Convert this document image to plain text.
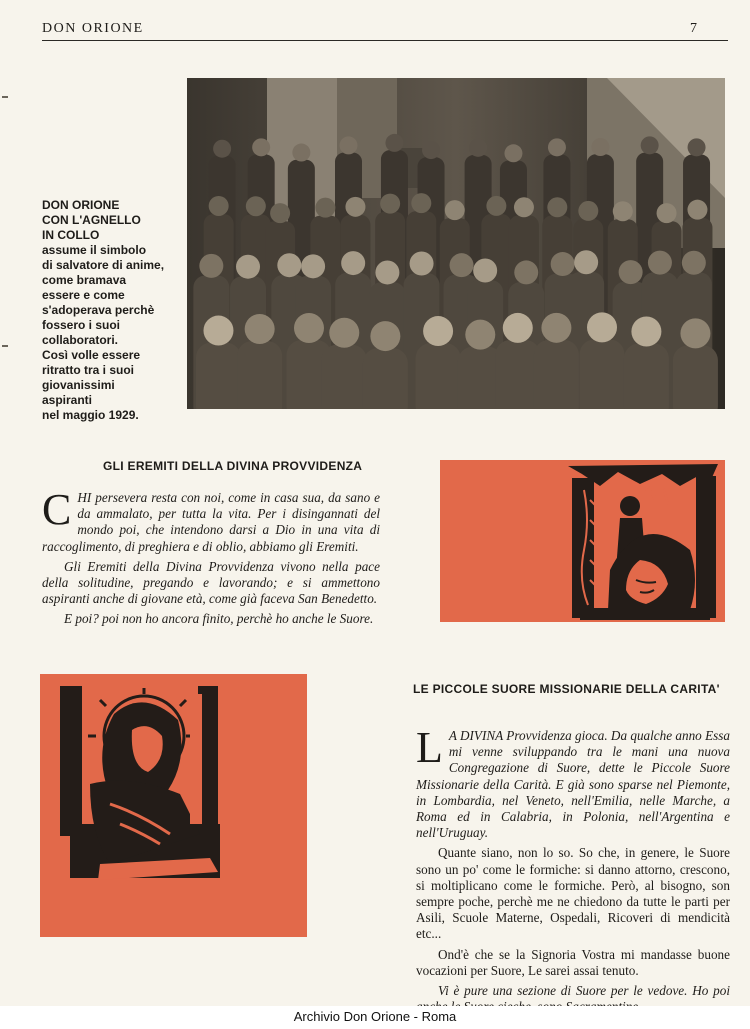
DON ORIONE	7
DON ORIONE
CON L'AGNELLO
IN COLLO
assume il simbolo
di salvatore di anime,
come bramava
essere e come
s'adoperava perchè
fossero i suoi
collaboratori.
Così volle essere
ritratto tra i suoi
giovanissimi
aspiranti
nel maggio 1929.
GLI EREMITI DELLA DIVINA PROVVIDENZA

CHI persevera resta con noi, come in casa sua, da sano e da ammalato, per tutta la vita. Per i disingannati del mondo poi, che intendono darsi a Dio in una vita di raccoglimento, di preghiera e di oblio, abbiamo gli Eremiti.

Gli Eremiti della Divina Provvidenza vivono nella pace della solitudine, pregando e lavorando; e si ammettono aspiranti anche di giovane età, come già faceva San Benedetto.

E poi? poi non ho ancora finito, perchè ho anche le Suore.

LE PICCOLE SUORE MISSIONARIE DELLA CARITA'

L A DIVINA Provvidenza gioca. Da qualche anno Essa mi venne sviluppando tra le mani una nuova Congregazione di Suore, dette le Piccole Suore Missionarie della Carità. E già sono sparse nel Piemonte, in Lombardia, nel Veneto, nell'Emilia, nelle Marche, a Roma ed in Calabria, in Polonia, nell'Argentina e nell'Uruguay.

Quante siano, non lo so. So che, in genere, le Suore sono un po' come le formiche: si danno attorno, crescono, si moltiplicano come le formiche. Però, al bisogno, son sempre poche, perchè me ne chiedono da tutte le parti per Asili, Scuole Materne, Ospedali, Ricoveri di mendicità etc...

Ond'è che se la Signoria Vostra mi mandasse buone vocazioni per Suore, Le sarei assai tenuto.

Vi è pure una sezione di Suore per le vedove. Ho poi

Archivio Don Orione - Roma
